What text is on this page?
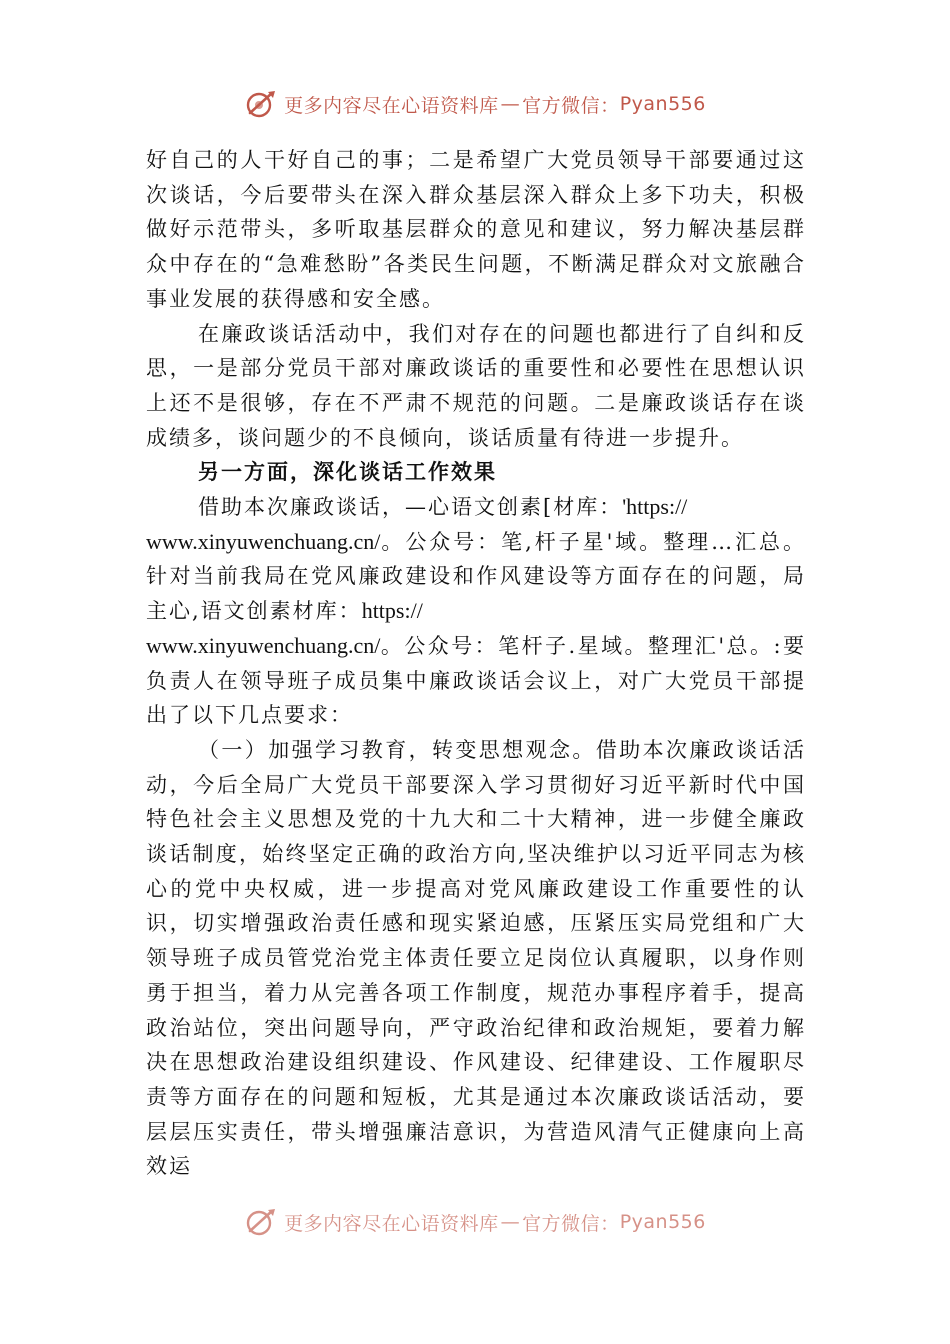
更多内容尽在心语资料库 — 官方微信： Pyan556

好自己的人干好自己的事；二是希望广大党员领导干部要通过这次谈话，今后要带头在深入群众基层深入群众上多下功夫，积极做好示范带头，多听取基层群众的意见和建议，努力解决基层群众中存在的“急难愁盼”各类民生问题，不断满足群众对文旅融合事业发展的获得感和安全感。

在廉政谈话活动中，我们对存在的问题也都进行了自纠和反思，一是部分党员干部对廉政谈话的重要性和必要性在思想认识上还不是很够，存在不严肃不规范的问题。二是廉政谈话存在谈成绩多，谈问题少的不良倾向，谈话质量有待进一步提升。

另一方面，深化谈话工作效果

借助本次廉政谈话，—心语文创素[材库：'https://
www.xinyuwenchuang.cn/。公众号：笔,杆子星'域。整理…汇总。针对当前我局在党风廉政建设和作风建设等方面存在的问题，局主心,语文创素材库：https://
www.xinyuwenchuang.cn/。公众号：笔杆子.星域。整理汇'总。:要负责人在领导班子成员集中廉政谈话会议上，对广大党员干部提出了以下几点要求：

（一）加强学习教育，转变思想观念。借助本次廉政谈话活动，今后全局广大党员干部要深入学习贯彻好习近平新时代中国特色社会主义思想及党的十九大和二十大精神，进一步健全廉政谈话制度，始终坚定正确的政治方向,坚决维护以习近平同志为核心的党中央权威，进一步提高对党风廉政建设工作重要性的认识，切实增强政治责任感和现实紧迫感，压紧压实局党组和广大领导班子成员管党治党主体责任要立足岗位认真履职，以身作则勇于担当，着力从完善各项工作制度，规范办事程序着手，提高政治站位，突出问题导向，严守政治纪律和政治规矩，要着力解决在思想政治建设组织建设、作风建设、纪律建设、工作履职尽责等方面存在的问题和短板，尤其是通过本次廉政谈话活动，要层层压实责任，带头增强廉洁意识，为营造风清气正健康向上高效运

更多内容尽在心语资料库 — 官方微信： Pyan556
